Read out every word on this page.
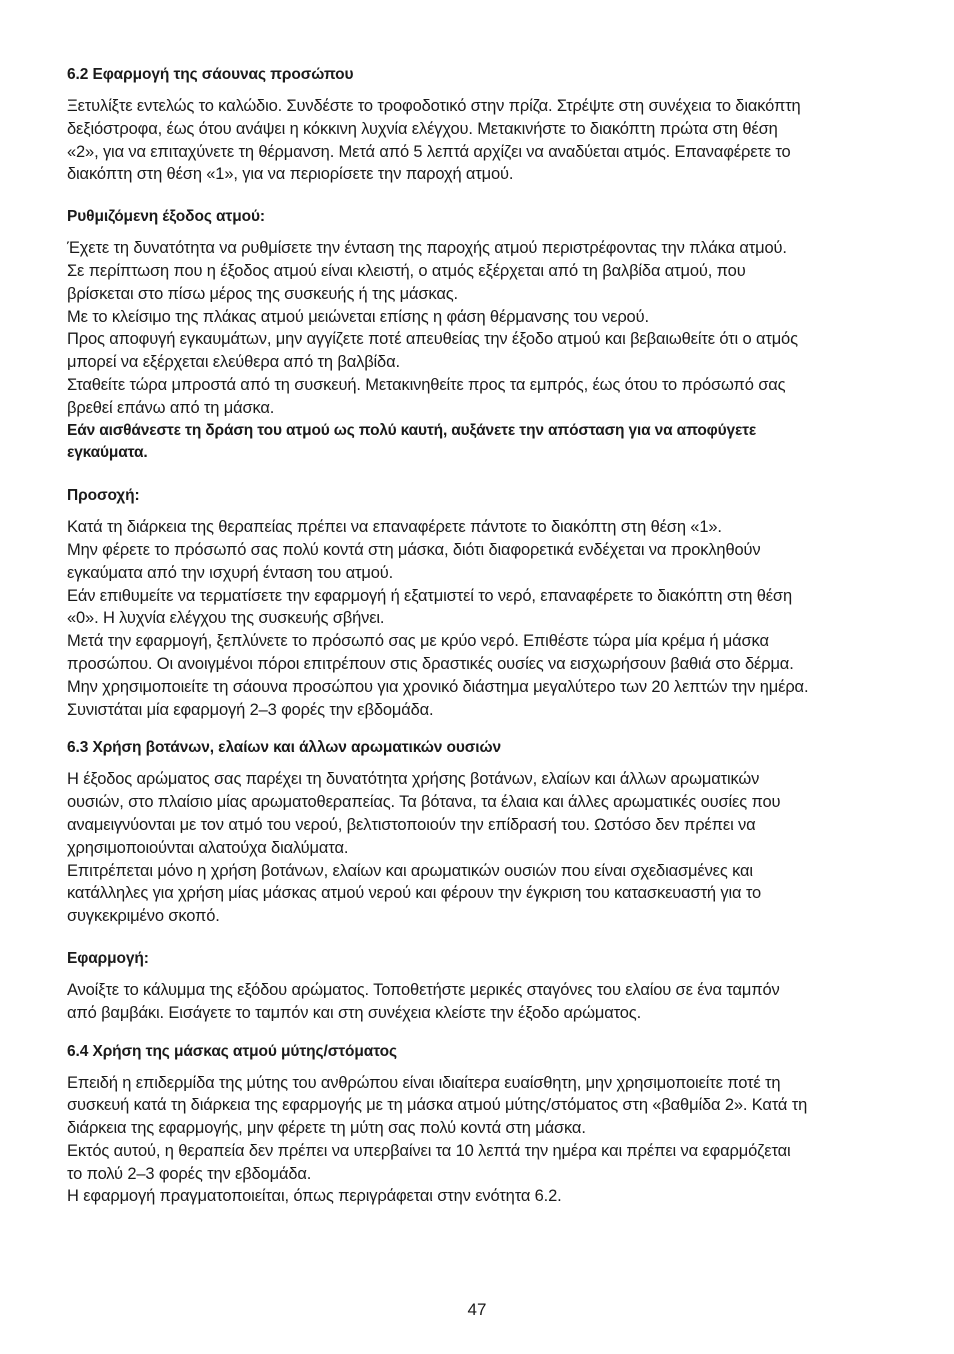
6.2 Εφαρμογή της σάουνας προσώπου
Ξετυλίξτε εντελώς το καλώδιο. Συνδέστε το τροφοδοτικό στην πρίζα. Στρέψτε στη συνέχεια το διακόπτη
δεξιόστροφα, έως ότου ανάψει η κόκκινη λυχνία ελέγχου. Μετακινήστε το διακόπτη πρώτα στη θέση
«2», για να επιταχύνετε τη θέρμανση. Μετά από 5 λεπτά αρχίζει να αναδύεται ατμός. Επαναφέρετε το
διακόπτη στη θέση «1», για να περιορίσετε την παροχή ατμού.
Ρυθμιζόμενη έξοδος ατμού:
Έχετε τη δυνατότητα να ρυθμίσετε την ένταση της παροχής ατμού περιστρέφοντας την πλάκα ατμού.
Σε περίπτωση που η έξοδος ατμού είναι κλειστή, ο ατμός εξέρχεται από τη βαλβίδα ατμού, που
βρίσκεται στο πίσω μέρος της συσκευής ή της μάσκας.
Με το κλείσιμο της πλάκας ατμού μειώνεται επίσης η φάση θέρμανσης του νερού.
Προς αποφυγή εγκαυμάτων, μην αγγίζετε ποτέ απευθείας την έξοδο ατμού και βεβαιωθείτε ότι ο ατμός
μπορεί να εξέρχεται ελεύθερα από τη βαλβίδα.
Σταθείτε τώρα μπροστά από τη συσκευή. Μετακινηθείτε προς τα εμπρός, έως ότου το πρόσωπό σας
βρεθεί επάνω από τη μάσκα.
Εάν αισθάνεστε τη δράση του ατμού ως πολύ καυτή, αυξάνετε την απόσταση για να αποφύγετε
εγκαύματα.
Προσοχή:
Κατά τη διάρκεια της θεραπείας πρέπει να επαναφέρετε πάντοτε το διακόπτη στη θέση «1».
Μην φέρετε το πρόσωπό σας πολύ κοντά στη μάσκα, διότι διαφορετικά ενδέχεται να προκληθούν
εγκαύματα από την ισχυρή ένταση του ατμού.
Εάν επιθυμείτε να τερματίσετε την εφαρμογή ή εξατμιστεί το νερό, επαναφέρετε το διακόπτη στη θέση
«0». Η λυχνία ελέγχου της συσκευής σβήνει.
Μετά την εφαρμογή, ξεπλύνετε το πρόσωπό σας με κρύο νερό. Επιθέστε τώρα μία κρέμα ή μάσκα
προσώπου. Οι ανοιγμένοι πόροι επιτρέπουν στις δραστικές ουσίες να εισχωρήσουν βαθιά στο δέρμα.
Μην χρησιμοποιείτε τη σάουνα προσώπου για χρονικό διάστημα μεγαλύτερο των 20 λεπτών την ημέρα.
Συνιστάται μία εφαρμογή 2–3 φορές την εβδομάδα.
6.3 Χρήση βοτάνων, ελαίων και άλλων αρωματικών ουσιών
Η έξοδος αρώματος σας παρέχει τη δυνατότητα χρήσης βοτάνων, ελαίων και άλλων αρωματικών
ουσιών, στο πλαίσιο μίας αρωματοθεραπείας. Τα βότανα, τα έλαια και άλλες αρωματικές ουσίες που
αναμειγνύονται με τον ατμό του νερού, βελτιστοποιούν την επίδρασή του. Ωστόσο δεν πρέπει να
χρησιμοποιούνται αλατούχα διαλύματα.
Επιτρέπεται μόνο η χρήση βοτάνων, ελαίων και αρωματικών ουσιών που είναι σχεδιασμένες και
κατάλληλες για χρήση μίας μάσκας ατμού νερού και φέρουν την έγκριση του κατασκευαστή για το
συγκεκριμένο σκοπό.
Εφαρμογή:
Ανοίξτε το κάλυμμα της εξόδου αρώματος. Τοποθετήστε μερικές σταγόνες του ελαίου σε ένα ταμπόν
από βαμβάκι. Εισάγετε το ταμπόν και στη συνέχεια κλείστε την έξοδο αρώματος.
6.4 Χρήση της μάσκας ατμού μύτης/στόματος
Επειδή η επιδερμίδα της μύτης του ανθρώπου είναι ιδιαίτερα ευαίσθητη, μην χρησιμοποιείτε ποτέ τη
συσκευή κατά τη διάρκεια της εφαρμογής με τη μάσκα ατμού μύτης/στόματος στη «βαθμίδα 2». Κατά τη
διάρκεια της εφαρμογής, μην φέρετε τη μύτη σας πολύ κοντά στη μάσκα.
Εκτός αυτού, η θεραπεία δεν πρέπει να υπερβαίνει τα 10 λεπτά την ημέρα και πρέπει να εφαρμόζεται
το πολύ 2–3 φορές την εβδομάδα.
Η εφαρμογή πραγματοποιείται, όπως περιγράφεται στην ενότητα 6.2.
47
